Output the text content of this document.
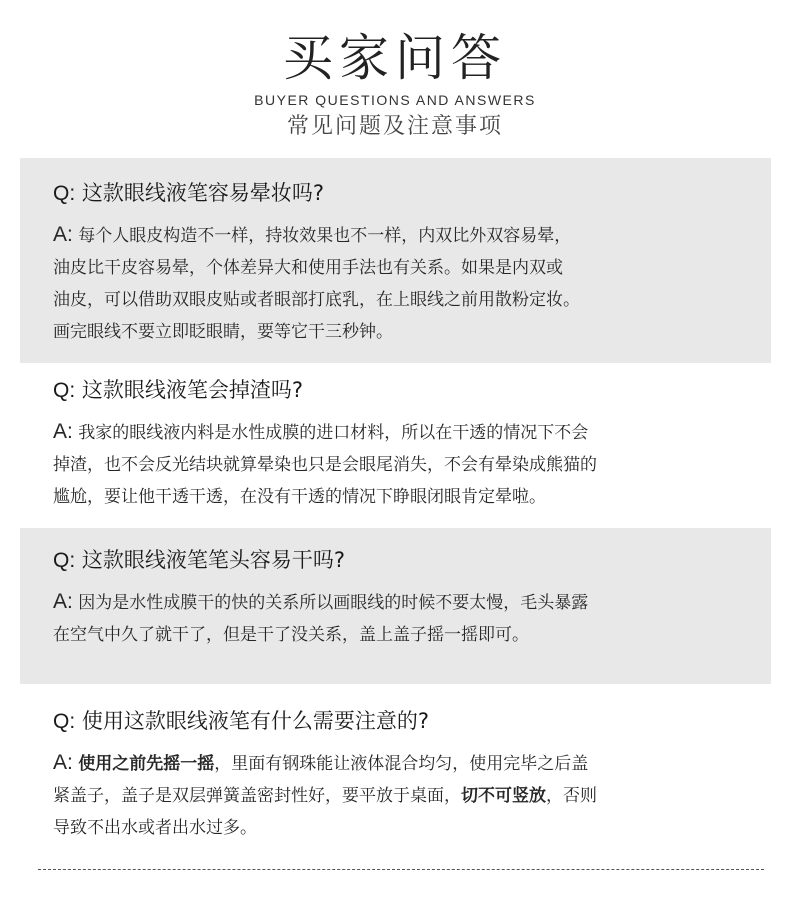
买家问答
BUYER QUESTIONS AND ANSWERS
常见问题及注意事项
Q: 这款眼线液笔容易晕妆吗?
A: 每个人眼皮构造不一样，持妆效果也不一样，内双比外双容易晕，
油皮比干皮容易晕，个体差异大和使用手法也有关系。如果是内双或
油皮，可以借助双眼皮贴或者眼部打底乳，在上眼线之前用散粉定妆。
画完眼线不要立即眨眼睛，要等它干三秒钟。
Q: 这款眼线液笔会掉渣吗?
A: 我家的眼线液内料是水性成膜的进口材料，所以在干透的情况下不会
掉渣，也不会反光结块就算晕染也只是会眼尾消失，不会有晕染成熊猫的
尴尬，要让他干透干透，在没有干透的情况下睁眼闭眼肯定晕啦。
Q: 这款眼线液笔笔头容易干吗?
A: 因为是水性成膜干的快的关系所以画眼线的时候不要太慢，毛头暴露
在空气中久了就干了，但是干了没关系，盖上盖子摇一摇即可。
Q: 使用这款眼线液笔有什么需要注意的?
A: 使用之前先摇一摇，里面有钢珠能让液体混合均匀，使用完毕之后盖
紧盖子，盖子是双层弹簧盖密封性好，要平放于桌面，切不可竖放，否则
导致不出水或者出水过多。
